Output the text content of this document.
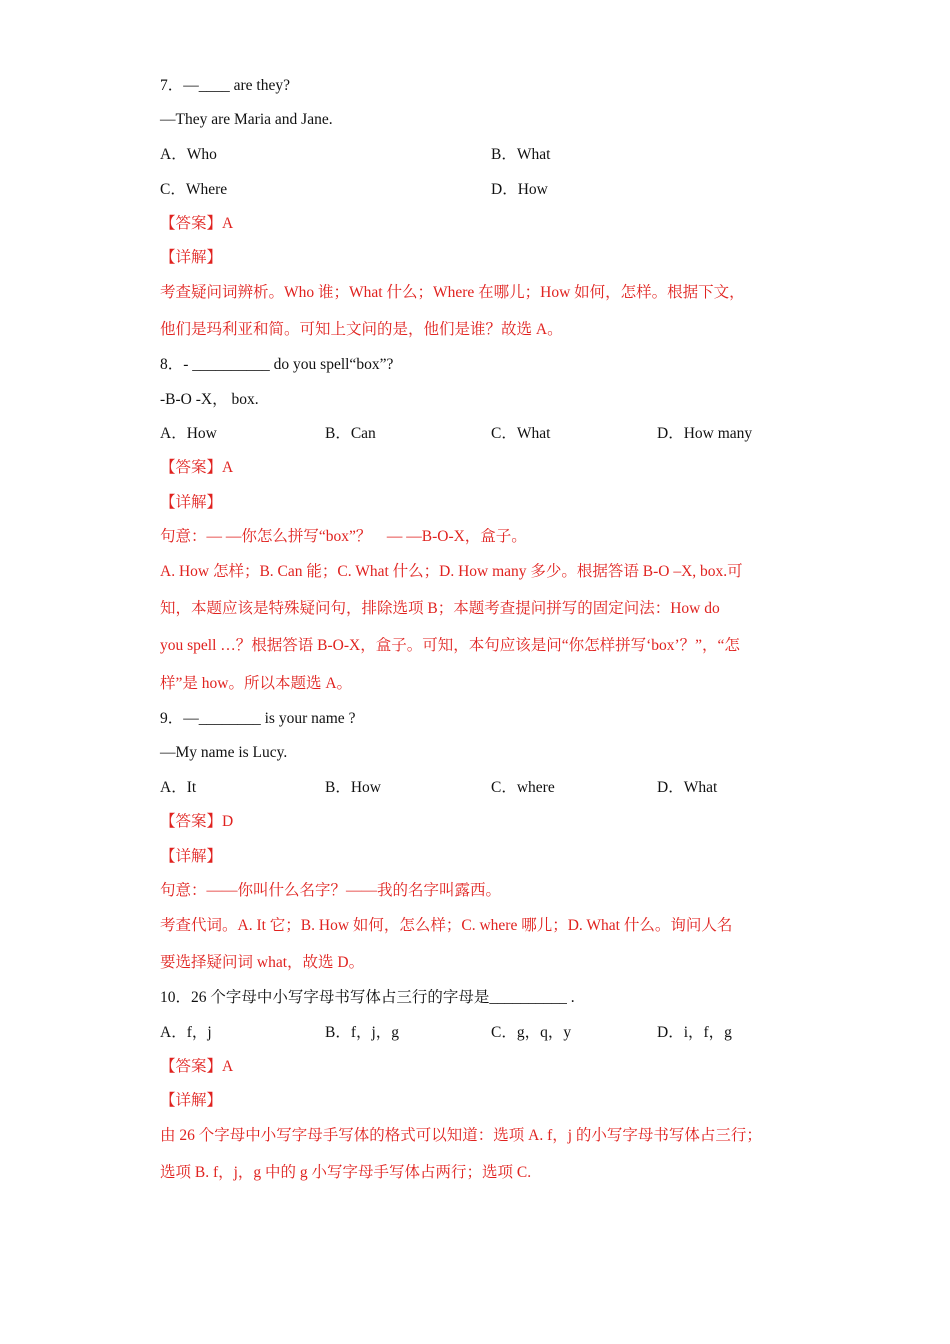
7．—____ are they?
—They are Maria and Jane.
A．Who	B．What
C．Where	D．How
【答案】A
【详解】
考查疑问词辨析。Who 谁；What 什么；Where 在哪儿；How 如何，怎样。根据下文，
他们是玛利亚和简。可知上文问的是，他们是谁？故选 A。
8．- __________ do you spell“box”?
-B-O -X， box.
A．How	B．Can	C．What	D．How many
【答案】A
【详解】
句意：— —你怎么拼写“box”？　— —B-O-X，盒子。
A. How 怎样；B. Can 能；C. What 什么；D. How many 多少。根据答语 B-O –X, box.可
知，本题应该是特殊疑问句，排除选项 B；本题考查提问拼写的固定问法：How do
you spell …？根据答语 B-O-X，盒子。可知，本句应该是问“你怎样拼写‘box’？”，“怎
样”是 how。所以本题选 A。
9．—________ is your name ?
—My name is Lucy.
A．It	B．How	C．where	D．What
【答案】D
【详解】
句意：——你叫什么名字？——我的名字叫露西。
考查代词。A. It 它；B. How 如何，怎么样；C. where 哪儿；D. What 什么。询问人名
要选择疑问词 what，故选 D。
10．26 个字母中小写字母书写体占三行的字母是__________ .
A．f，j	B．f，j，g	C．g，q，y	D．i，f，g
【答案】A
【详解】
由 26 个字母中小写字母手写体的格式可以知道：选项 A. f，j 的小写字母书写体占三行；
选项 B. f，j，g 中的 g 小写字母手写体占两行；选项 C.
